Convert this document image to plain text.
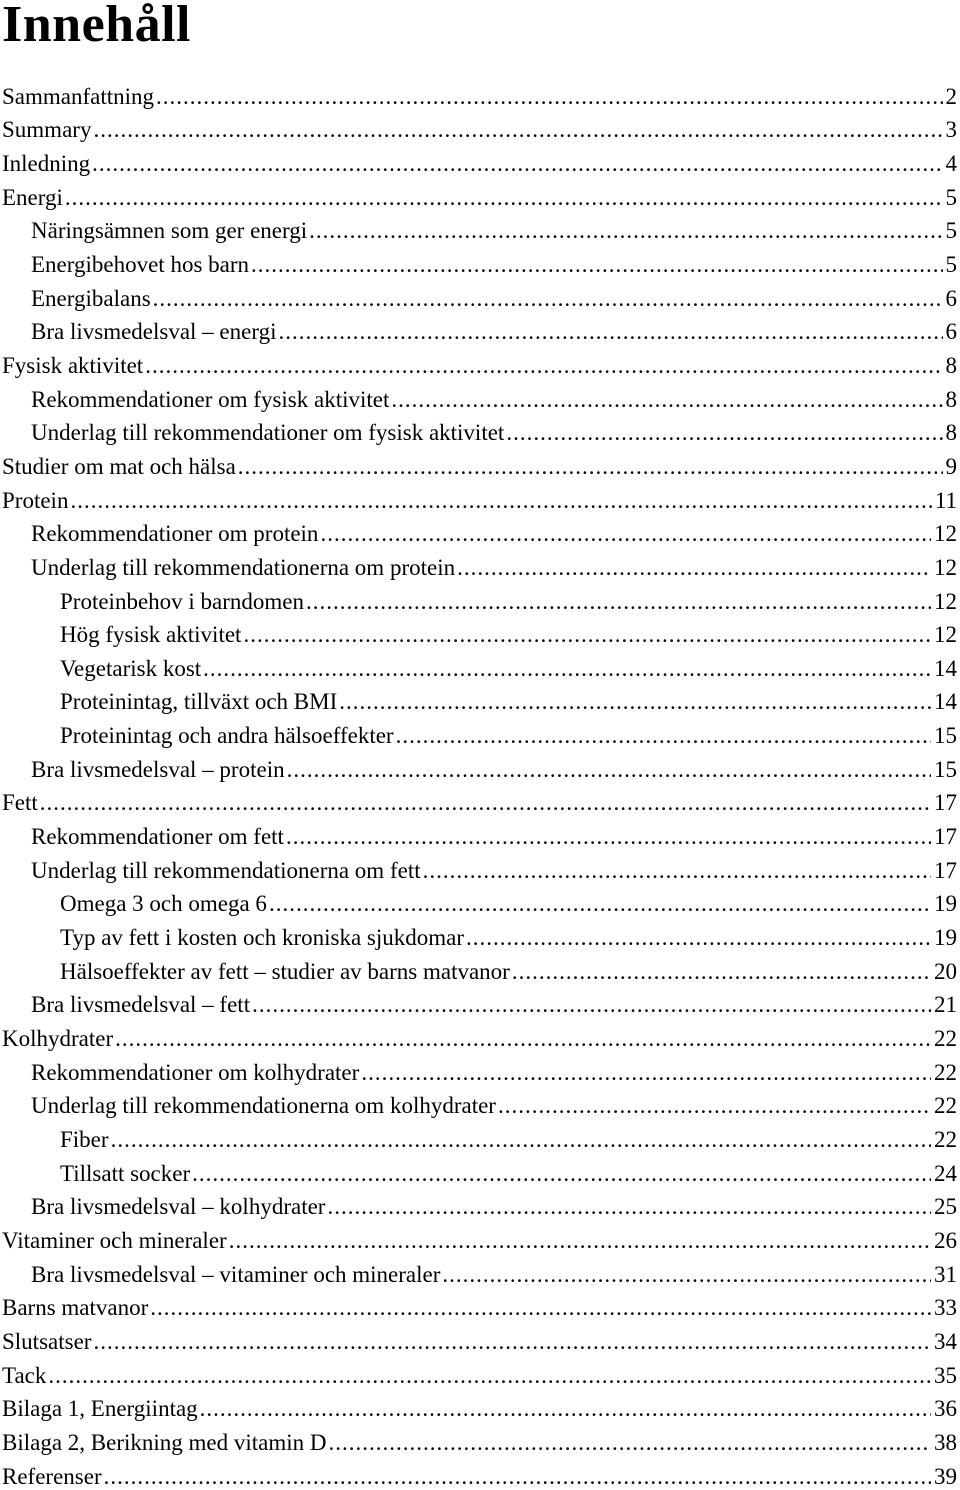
Innehåll
Sammanfattning .....	2
Summary .....	3
Inledning .....	4
Energi .....	5
Näringsämnen som ger energi .....	5
Energibehovet hos barn .....	5
Energibalans .....	6
Bra livsmedelsval – energi .....	6
Fysisk aktivitet .....	8
Rekommendationer om fysisk aktivitet .....	8
Underlag till rekommendationer om fysisk aktivitet .....	8
Studier om mat och hälsa .....	9
Protein .....	11
Rekommendationer om protein .....	12
Underlag till rekommendationerna om protein .....	12
Proteinbehov i barndomen .....	12
Hög fysisk aktivitet .....	12
Vegetarisk kost .....	14
Proteinintag, tillväxt och BMI .....	14
Proteinintag och andra hälsoeffekter .....	15
Bra livsmedelsval – protein .....	15
Fett .....	17
Rekommendationer om fett .....	17
Underlag till rekommendationerna om fett .....	17
Omega 3 och omega 6 .....	19
Typ av fett i kosten och kroniska sjukdomar .....	19
Hälsoeffekter av fett – studier av barns matvanor .....	20
Bra livsmedelsval – fett .....	21
Kolhydrater .....	22
Rekommendationer om kolhydrater .....	22
Underlag till rekommendationerna om kolhydrater .....	22
Fiber .....	22
Tillsatt socker .....	24
Bra livsmedelsval – kolhydrater .....	25
Vitaminer och mineraler .....	26
Bra livsmedelsval – vitaminer och mineraler .....	31
Barns matvanor .....	33
Slutsatser .....	34
Tack .....	35
Bilaga 1, Energiintag .....	36
Bilaga 2, Berikning med vitamin D .....	38
Referenser .....	39
